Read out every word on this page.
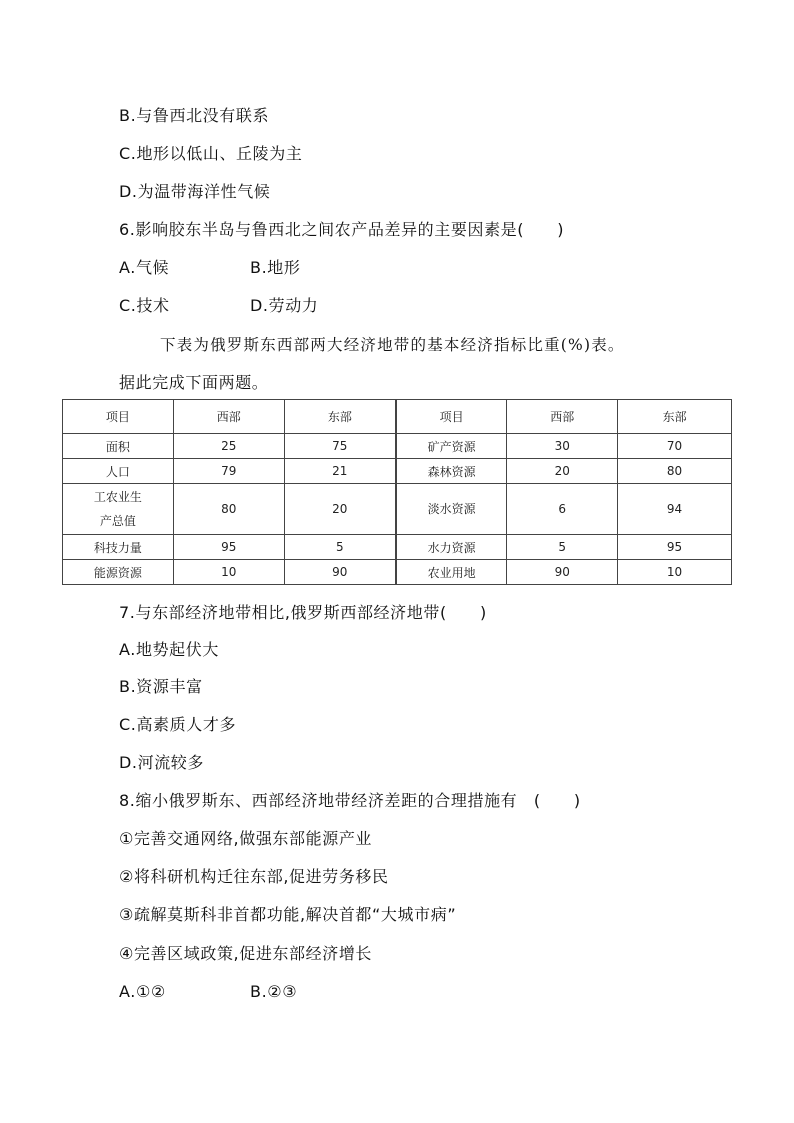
B.与鲁西北没有联系
C.地形以低山、丘陵为主
D.为温带海洋性气候
6.影响胶东半岛与鲁西北之间农产品差异的主要因素是(　　)
A.气候	B.地形
C.技术	D.劳动力
下表为俄罗斯东西部两大经济地带的基本经济指标比重(%)表。
据此完成下面两题。
项目	西部	东部	项目	西部	东部
面积	25	75	矿产资源	30	70
人口	79	21	森林资源	20	80

工农业生
产总值	80	20	淡水资源	6	94
科技力量	95	5	水力资源	5	95
能源资源	10	90	农业用地	90	10
7.与东部经济地带相比,俄罗斯西部经济地带(　　)
A.地势起伏大
B.资源丰富
C.高素质人才多
D.河流较多
8.缩小俄罗斯东、西部经济地带经济差距的合理措施有　(　　)
①完善交通网络,做强东部能源产业
②将科研机构迁往东部,促进劳务移民
③疏解莫斯科非首都功能,解决首都“大城市病”
④完善区域政策,促进东部经济增长
A.①②	B.②③
